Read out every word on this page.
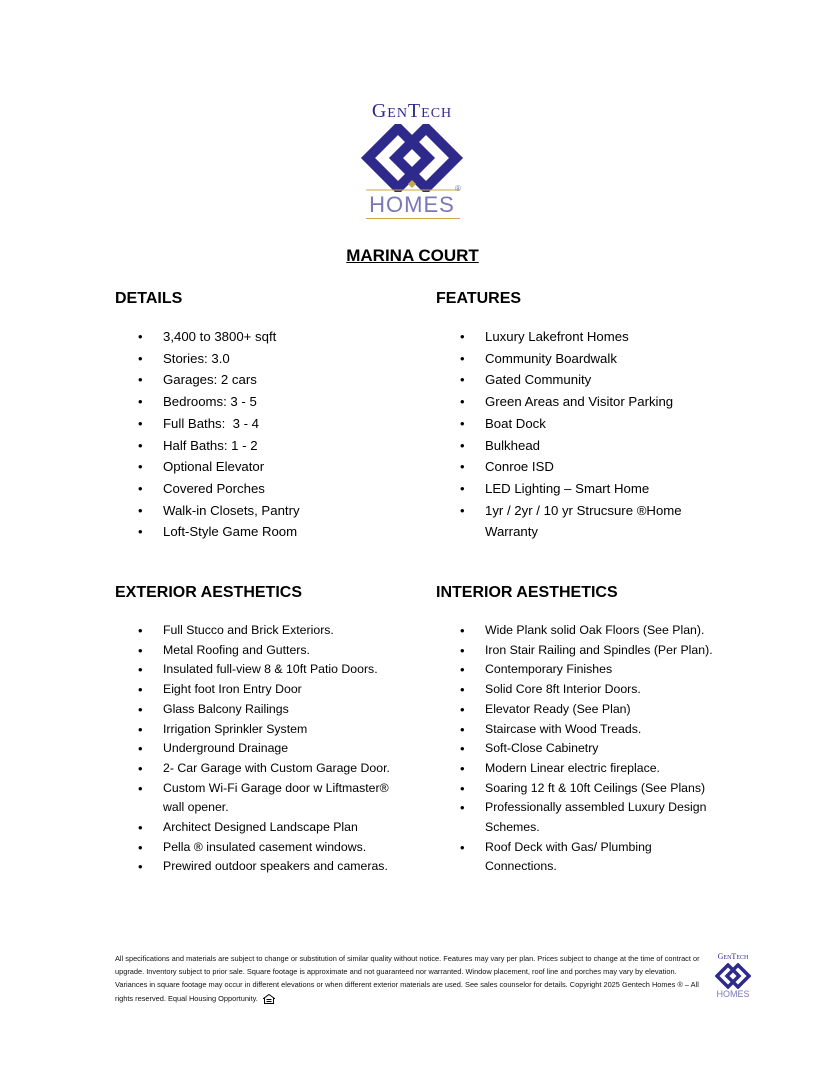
GenTech
HOMES
®
MARINA COURT
DETAILS
• 3,400 to 3800+ sqft
• Stories: 3.0
• Garages: 2 cars
• Bedrooms: 3 - 5
• Full Baths:  3 - 4
• Half Baths: 1 - 2
• Optional Elevator
• Covered Porches
• Walk-in Closets, Pantry
• Loft-Style Game Room
FEATURES
• Luxury Lakefront Homes
• Community Boardwalk
• Gated Community
• Green Areas and Visitor Parking
• Boat Dock
• Bulkhead
• Conroe ISD
• LED Lighting – Smart Home
• 1yr / 2yr / 10 yr Strucsure ®Home Warranty
EXTERIOR AESTHETICS
• Full Stucco and Brick Exteriors.
• Metal Roofing and Gutters.
• Insulated full-view 8 & 10ft Patio Doors.
• Eight foot Iron Entry Door
• Glass Balcony Railings
• Irrigation Sprinkler System
• Underground Drainage
• 2- Car Garage with Custom Garage Door.
• Custom Wi-Fi Garage door w Liftmaster® wall opener.
• Architect Designed Landscape Plan
• Pella ® insulated casement windows.
• Prewired outdoor speakers and cameras.
INTERIOR AESTHETICS
• Wide Plank solid Oak Floors (See Plan).
• Iron Stair Railing and Spindles (Per Plan).
• Contemporary Finishes
• Solid Core 8ft Interior Doors.
• Elevator Ready (See Plan)
• Staircase with Wood Treads.
• Soft-Close Cabinetry
• Modern Linear electric fireplace.
• Soaring 12 ft & 10ft Ceilings (See Plans)
• Professionally assembled Luxury Design Schemes.
• Roof Deck with Gas/ Plumbing Connections.
All specifications and materials are subject to change or substitution of similar quality without notice. Features may vary per plan. Prices subject to change at the time of contract or upgrade. Inventory subject to prior sale. Square footage is approximate and not guaranteed nor warranted. Window placement, roof line and porches may vary by elevation. Variances in square footage may occur in different elevations or when different exterior materials are used. See sales counselor for details. Copyright 2025 Gentech Homes ® – All rights reserved. Equal Housing Opportunity.
GenTech
HOMES
